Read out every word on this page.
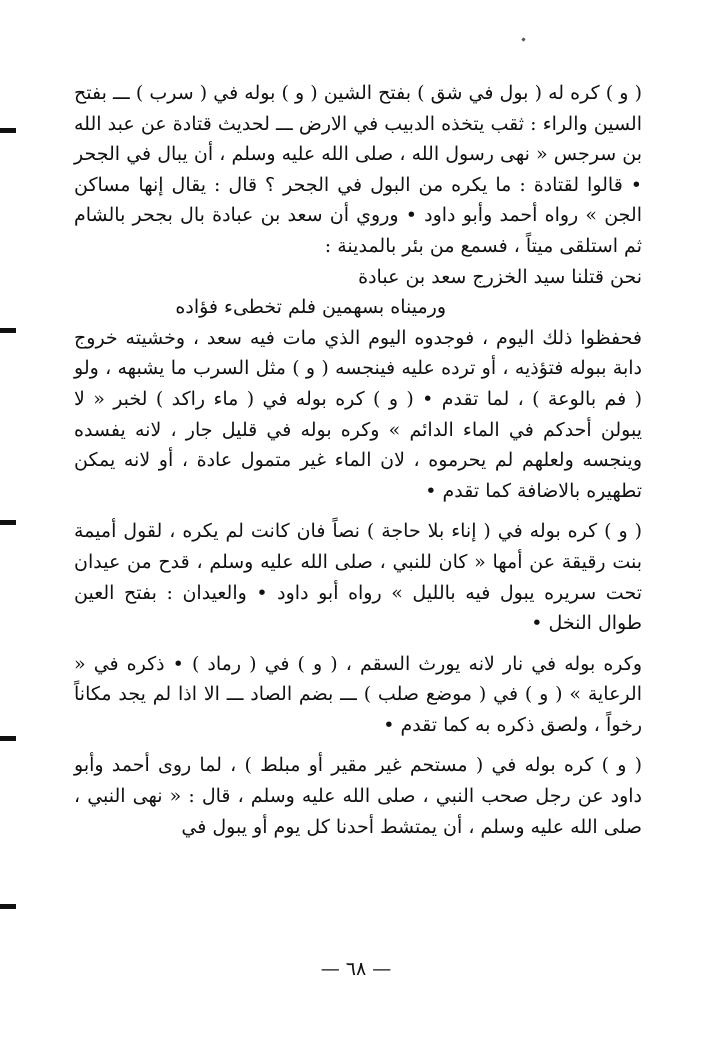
( و ) كره له ( بول في شق ) بفتح الشين ( و ) بوله في ( سرب ) ـــ بفتح السين والراء : ثقب يتخذه الدبيب في الارض ـــ لحديث قتادة عن عبد الله بن سرجس « نهى رسول الله ، صلى الله عليه وسلم ، أن يبال في الجحر • قالوا لقتادة : ما يكره من البول في الجحر ؟ قال : يقال إنها مساكن الجن » رواه أحمد وأبو داود • وروي أن سعد بن عبادة بال بجحر بالشام ثم استلقى ميتاً ، فسمع من بئر بالمدينة :

نحن قتلنا سيد الخزرج سعد بن عبادة

ورميناه بسهمين فلم تخطىء فؤاده

فحفظوا ذلك اليوم ، فوجدوه اليوم الذي مات فيه سعد ، وخشيته خروج دابة ببوله فتؤذيه ، أو ترده عليه فينجسه ( و ) مثل السرب ما يشبهه ، ولو ( فم بالوعة ) ، لما تقدم • ( و ) كره بوله في ( ماء راكد ) لخبر « لا يبولن أحدكم في الماء الدائم » وكره بوله في قليل جار ، لانه يفسده وينجسه ولعلهم لم يحرموه ، لان الماء غير متمول عادة ، أو لانه يمكن تطهيره بالاضافة كما تقدم •

( و ) كره بوله في ( إناء بلا حاجة ) نصاً فان كانت لم يكره ، لقول أميمة بنت رقيقة عن أمها « كان للنبي ، صلى الله عليه وسلم ، قدح من عيدان تحت سريره يبول فيه بالليل » رواه أبو داود • والعيدان : بفتح العين طوال النخل •

وكره بوله في نار لانه يورث السقم ، ( و ) في ( رماد ) • ذكره في « الرعاية » ( و ) في ( موضع صلب ) ـــ بضم الصاد ـــ الا اذا لم يجد مكاناً رخواً ، ولصق ذكره به كما تقدم •

( و ) كره بوله في ( مستحم غير مقير أو مبلط ) ، لما روى أحمد وأبو داود عن رجل صحب النبي ، صلى الله عليه وسلم ، قال : « نهى النبي ، صلى الله عليه وسلم ، أن يمتشط أحدنا كل يوم أو يبول في

— ٦٨ —
